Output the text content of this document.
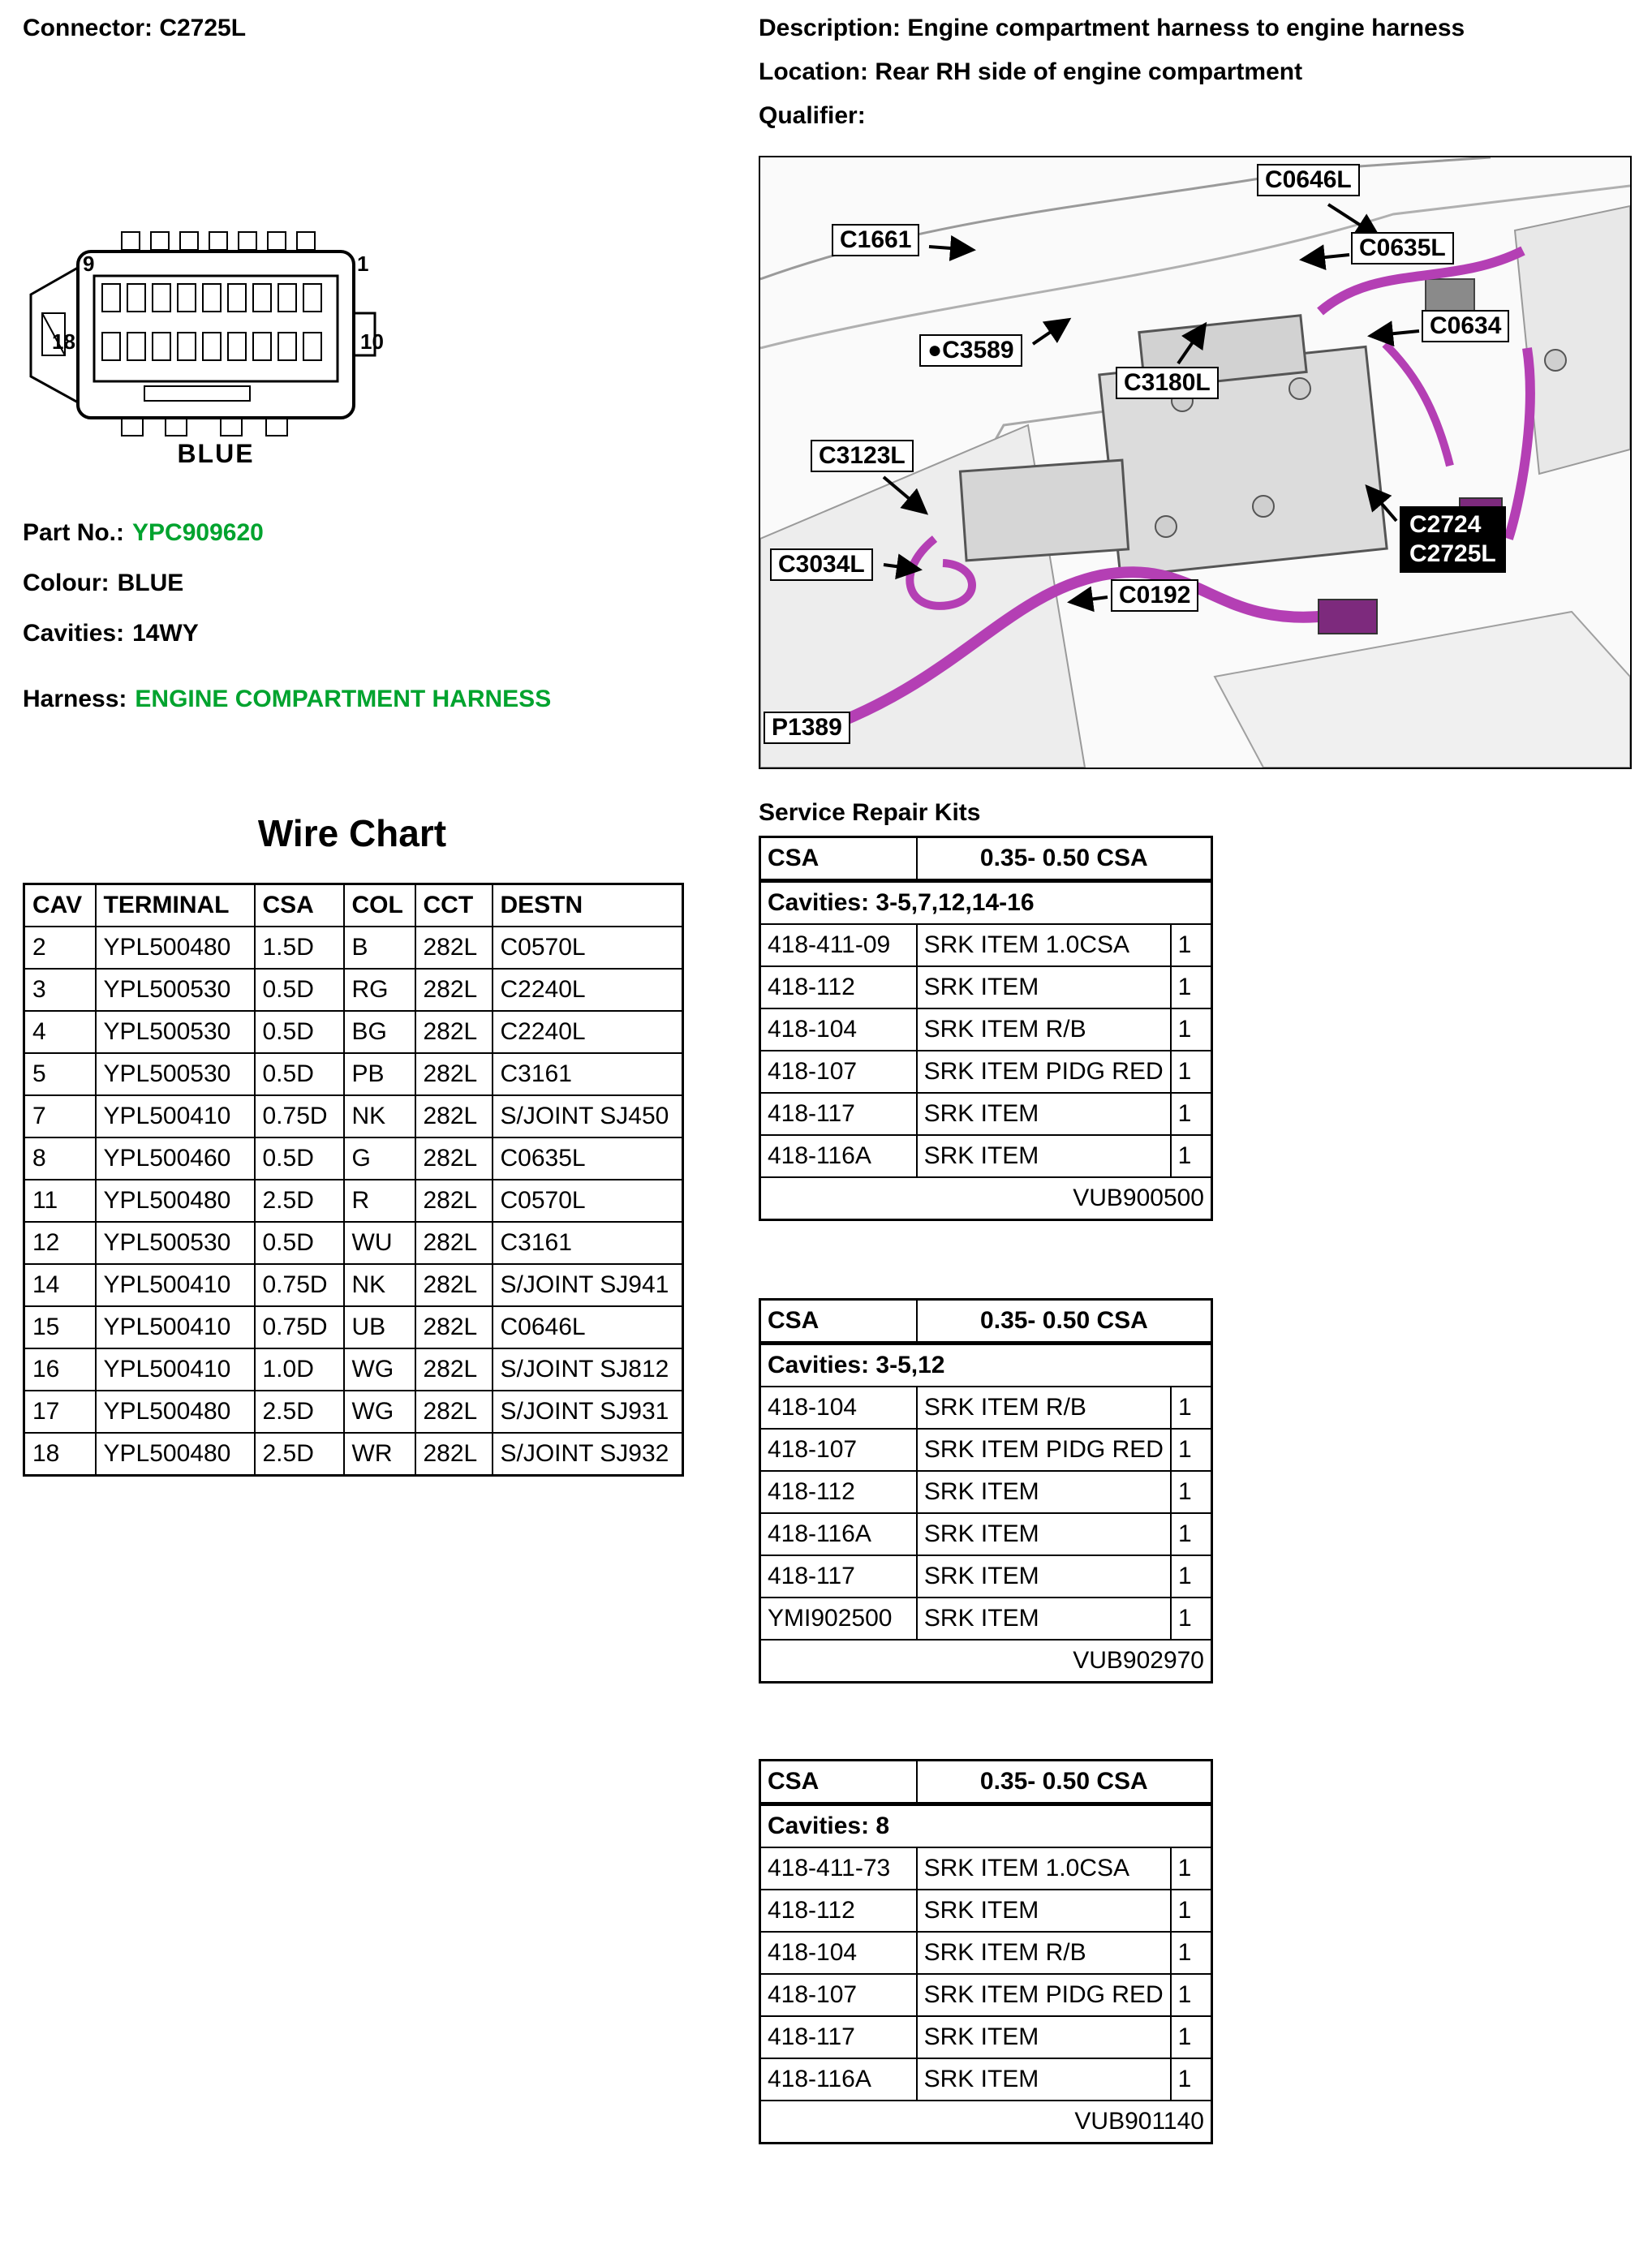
Connector: C2725L	Description: Engine compartment harness to engine harness
Location: Rear RH side of engine compartment
Qualifier:
9	1
18	10
BLUE
Part No.: YPC909620
Colour: BLUE
Cavities: 14WY
Harness: ENGINE COMPARTMENT HARNESS
C0646L
C1661	C0635L
C0634
●C3589
C3180L
C3123L
C3034L
C0192
C2724
C2725L
P1389
Wire Chart
CAV	TERMINAL	CSA	COL	CCT	DESTN
2	YPL500480	1.5D	B	282L	C0570L
3	YPL500530	0.5D	RG	282L	C2240L
4	YPL500530	0.5D	BG	282L	C2240L
5	YPL500530	0.5D	PB	282L	C3161
7	YPL500410	0.75D	NK	282L	S/JOINT SJ450
8	YPL500460	0.5D	G	282L	C0635L
11	YPL500480	2.5D	R	282L	C0570L
12	YPL500530	0.5D	WU	282L	C3161
14	YPL500410	0.75D	NK	282L	S/JOINT SJ941
15	YPL500410	0.75D	UB	282L	C0646L
16	YPL500410	1.0D	WG	282L	S/JOINT SJ812
17	YPL500480	2.5D	WG	282L	S/JOINT SJ931
18	YPL500480	2.5D	WR	282L	S/JOINT SJ932
Service Repair Kits
CSA	0.35- 0.50 CSA	
Cavities: 3-5,7,12,14-16		
418-411-09	SRK ITEM 1.0CSA	1
418-112	SRK ITEM	1
418-104	SRK ITEM R/B	1
418-107	SRK ITEM PIDG RED	1
418-117	SRK ITEM	1
418-116A	SRK ITEM	1
VUB900500		
CSA	0.35- 0.50 CSA	
Cavities: 3-5,12		
418-104	SRK ITEM R/B	1
418-107	SRK ITEM PIDG RED	1
418-112	SRK ITEM	1
418-116A	SRK ITEM	1
418-117	SRK ITEM	1
YMI902500	SRK ITEM	1
VUB902970		
CSA	0.35- 0.50 CSA	
Cavities: 8		
418-411-73	SRK ITEM 1.0CSA	1
418-112	SRK ITEM	1
418-104	SRK ITEM R/B	1
418-107	SRK ITEM PIDG RED	1
418-117	SRK ITEM	1
418-116A	SRK ITEM	1
VUB901140		
